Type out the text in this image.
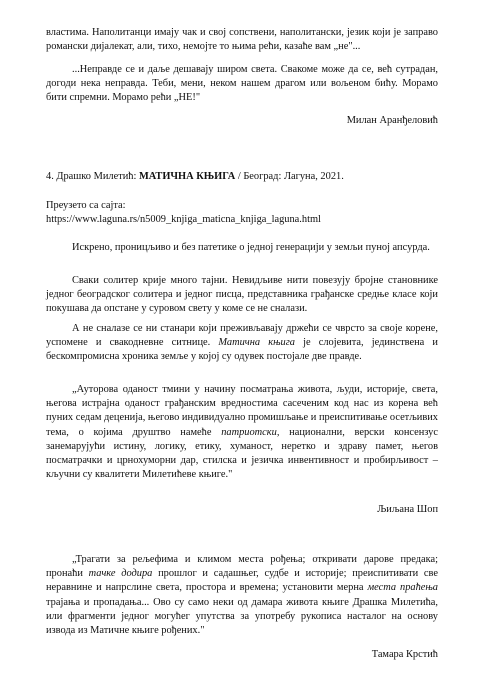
властима. Наполитанци имају чак и свој сопствени, наполитански, језик који је заправо романски дијалекат, али, тихо, немојте то њима рећи, казаће вам „не"...

...Неправде се и даље дешавају широм света. Свакоме може да се, већ сутрадан, догоди нека неправда. Теби, мени, неком нашем драгом или вољеном бићу. Морамо бити спремни. Морамо рећи „НЕ!"

Милан Аранђеловић

4. Драшко Милетић: МАТИЧНА КЊИГА / Београд: Лагуна, 2021.

Преузето са сајта:
https://www.laguna.rs/n5009_knjiga_maticna_knjiga_laguna.html

Искрено, проницљиво и без патетике о једној генерацији у земљи пуној апсурда.

Сваки солитер крије много тајни. Невидљиве нити повезују бројне становнике једног београдског солитера и једног писца, представника грађанске средње класе који покушава да опстане у суровом свету у коме се не сналази.

А не сналазе се ни станари који преживљавају држећи се чврсто за своје корене, успомене и свакодневне ситнице. Матична књига је слојевита, јединствена и бескомпромисна хроника земље у којој су одувек постојале две правде.

„Ауторова оданост тмини у начину посматрања живота, људи, историје, света, његова истрајна оданост грађанским вредностима сасеченим код нас из корена већ пуних седам деценија, његово индивидуално промишљање и преиспитивање осетљивих тема, о којима друштво намеће патриотски, национални, верски консензус занемарујући истину, логику, етику, хуманост, неретко и здраву памет, његов посматрачки и црнохуморни дар, стилска и језичка инвентивност и пробирљивост – кључни су квалитети Милетићеве књиге."

Љиљана Шоп

„Трагати за рељефима и климом места рођења; откривати дарове предака; пронаћи тачке додира прошлог и садашњег, судбе и историје; преиспитивати све неравнине и напрслине света, простора и времена; установити мерна места праћења трајања и пропадања... Ово су само неки од дамара живота књиге Драшка Милетића, или фрагменти једног могућег упутства за употребу рукописа насталог на основу извода из Матичне књиге рођених."

Тамара Крстић
